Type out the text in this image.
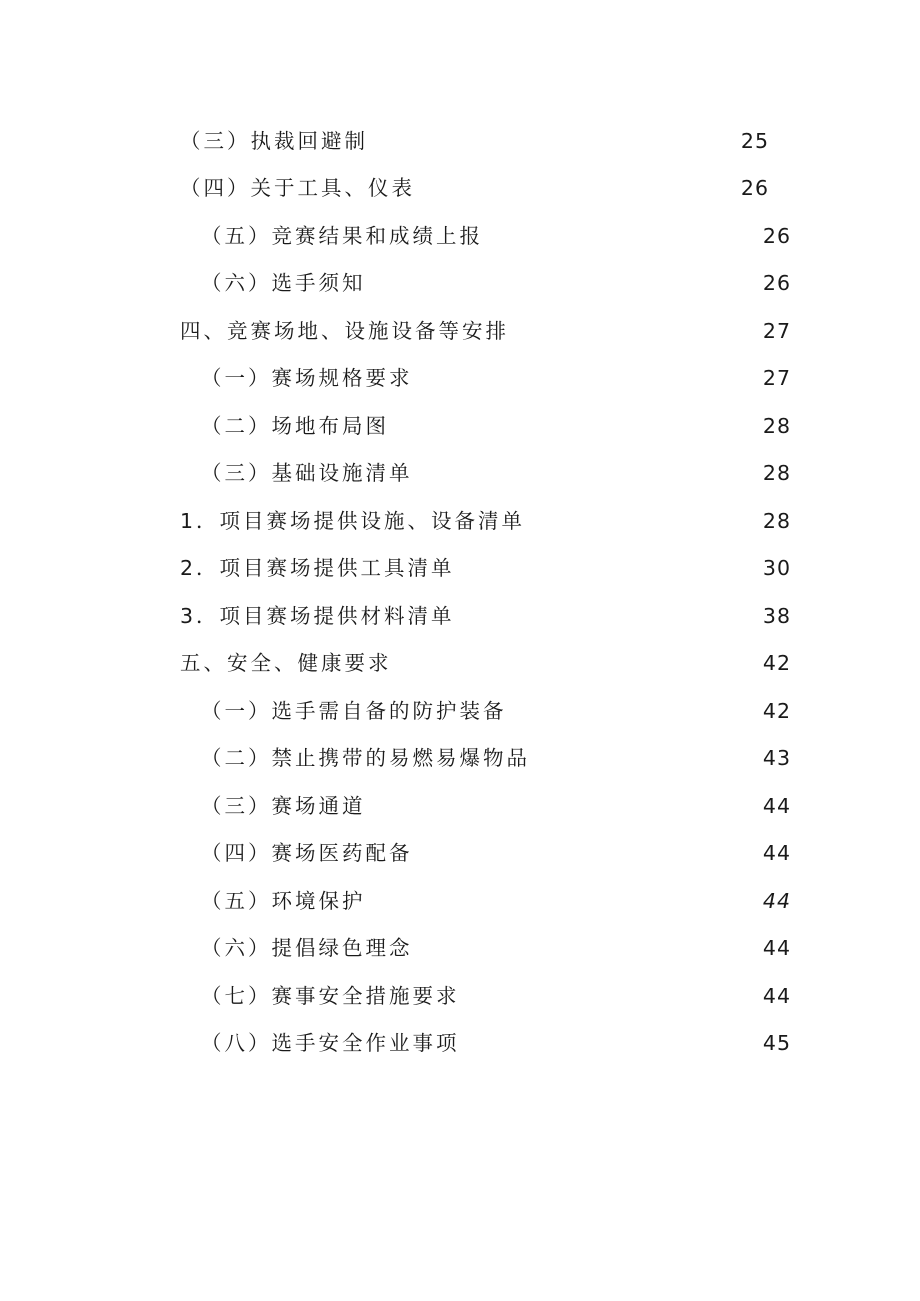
（三）执裁回避制	25
（四）关于工具、仪表	26
（五）竞赛结果和成绩上报	26
（六）选手须知	26
四、竞赛场地、设施设备等安排	27
（一）赛场规格要求	27
（二）场地布局图	28
（三）基础设施清单	28
1．项目赛场提供设施、设备清单	28
2．项目赛场提供工具清单	30
3．项目赛场提供材料清单	38
五、安全、健康要求	42
（一）选手需自备的防护装备	42
（二）禁止携带的易燃易爆物品	43
（三）赛场通道	44
（四）赛场医药配备	44
（五）环境保护	44
（六）提倡绿色理念	44
（七）赛事安全措施要求	44
（八）选手安全作业事项	45
